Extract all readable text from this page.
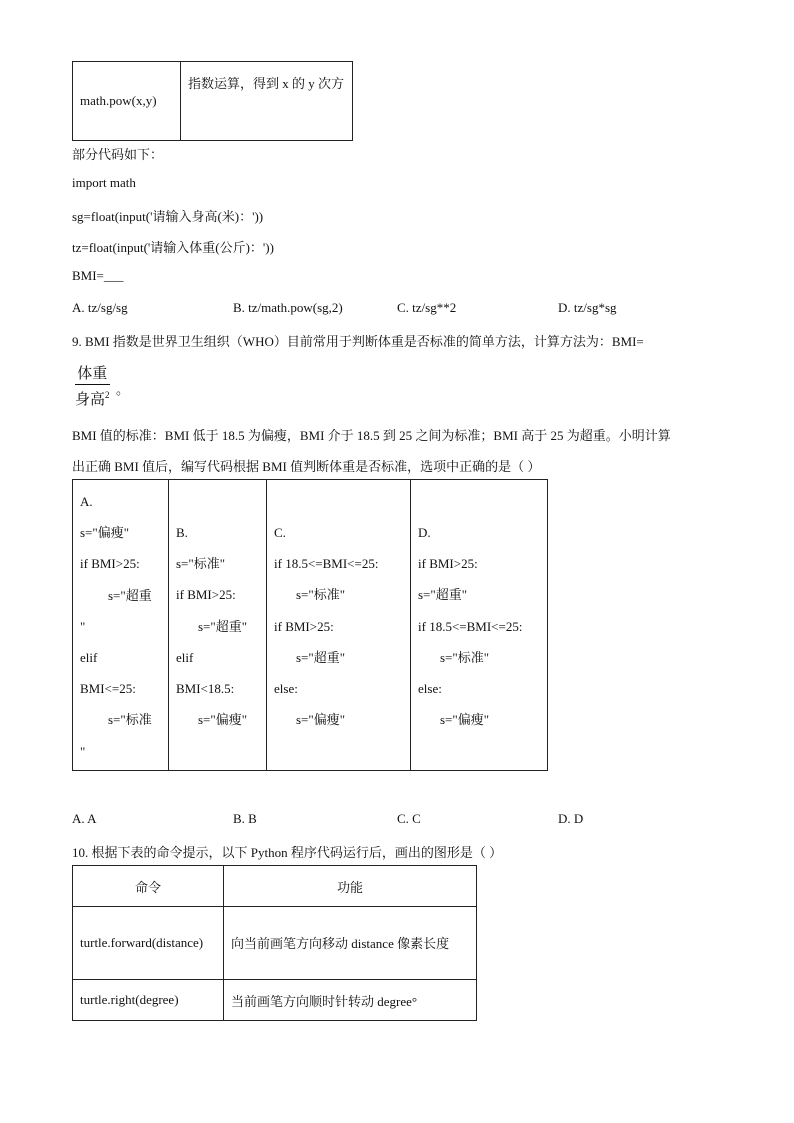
math.pow(x,y)	指数运算，得到 x 的 y 次方
部分代码如下：
import math
sg=float(input('请输入身高(米)：'))
tz=float(input('请输入体重(公斤)：'))
BMI=___
A. tz/sg/sg	B. tz/math.pow(sg,2)	C. tz/sg**2	D. tz/sg*sg
9. BMI 指数是世界卫生组织（WHO）目前常用于判断体重是否标准的简单方法，计算方法为：BMI=
体重
身高$^2$ 。
BMI 值的标准：BMI 低于 18.5 为偏瘦，BMI 介于 18.5 到 25 之间为标准；BMI 高于 25 为超重。小明计算
出正确 BMI 值后，编写代码根据 BMI 值判断体重是否标准，选项中正确的是（ ）
A.
s="偏瘦"
if BMI>25:
s="超重
"
elif
BMI<=25:
s="标准
"

B.
s="标准"
if BMI>25:
s="超重"
elif
BMI<18.5:
s="偏瘦"

C.
if 18.5<=BMI<=25:
s="标准"
if BMI>25:
s="超重"
else:
s="偏瘦"

D.
if BMI>25:
s="超重"
if 18.5<=BMI<=25:
s="标准"
else:
s="偏瘦"
A. A	B. B	C. C	D. D
10. 根据下表的命令提示，以下 Python 程序代码运行后，画出的图形是（ ）
命令	功能
turtle.forward(distance)	向当前画笔方向移动 distance 像素长度
turtle.right(degree)	当前画笔方向顺时针转动 degree°
